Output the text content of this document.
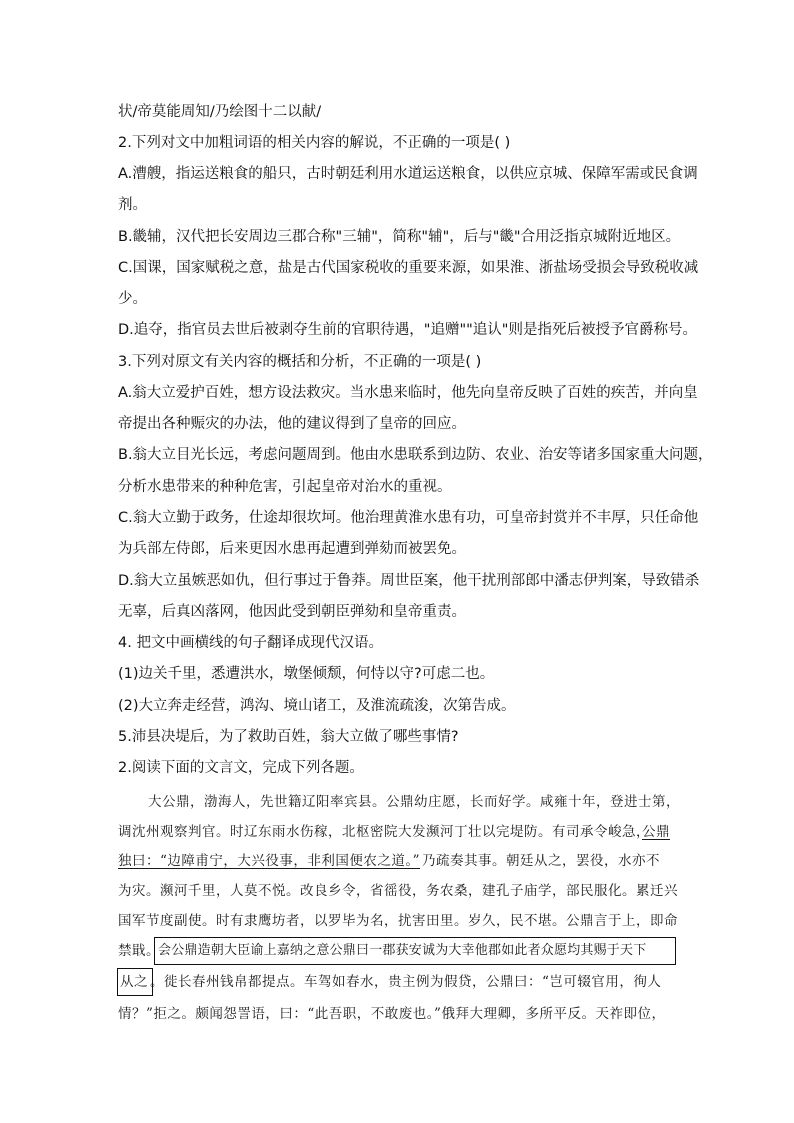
状/帝莫能周知/乃绘图十二以献/
2.下列对文中加粗词语的相关内容的解说，不正确的一项是( )
A.漕艘，指运送粮食的船只，古时朝廷利用水道运送粮食，以供应京城、保障军需或民食调
剂。
B.畿辅，汉代把长安周边三郡合称"三辅"，简称"辅"，后与"畿"合用泛指京城附近地区。
C.国课，国家赋税之意，盐是古代国家税收的重要来源，如果淮、浙盐场受损会导致税收减
少。
D.追夺，指官员去世后被剥夺生前的官职待遇，"追赠""追认"则是指死后被授予官爵称号。
3.下列对原文有关内容的概括和分析，不正确的一项是( )
A.翁大立爱护百姓，想方设法救灾。当水患来临时，他先向皇帝反映了百姓的疾苦，并向皇
帝提出各种赈灾的办法，他的建议得到了皇帝的回应。
B.翁大立目光长远，考虑问题周到。他由水患联系到边防、农业、治安等诸多国家重大问题，
分析水患带来的种种危害，引起皇帝对治水的重视。
C.翁大立勤于政务，仕途却很坎坷。他治理黄淮水患有功，可皇帝封赏并不丰厚，只任命他
为兵部左侍郎，后来更因水患再起遭到弹劾而被罢免。
D.翁大立虽嫉恶如仇，但行事过于鲁莽。周世臣案，他干扰刑部郎中潘志伊判案，导致错杀
无辜，后真凶落网，他因此受到朝臣弹劾和皇帝重责。
4. 把文中画横线的句子翻译成现代汉语。
(1)边关千里，悉遭洪水，墩堡倾颓，何恃以守?可虑二也。
(2)大立奔走经营，鸿沟、境山诸工，及淮流疏浚，次第告成。
5.沛县决堤后，为了救助百姓，翁大立做了哪些事情?
2.阅读下面的文言文，完成下列各题。
大公鼎，渤海人，先世籍辽阳率宾县。公鼎幼庄愿，长而好学。咸雍十年，登进士第，
调沈州观察判官。时辽东雨水伤稼，北枢密院大发濒河丁壮以完堤防。有司承令峻急，
公鼎
独曰：“边障甫宁，大兴役事，非利国便农之道。” 乃疏奏其事。朝廷从之，罢役，水亦不
为灾。濒河千里，人莫不悦。改良乡令，省徭役，务农桑，建孔子庙学，部民服化。累迁兴
国军节度副使。时有隶鹰坊者，以罗毕为名，扰害田里。岁久，民不堪。公鼎言于上，即命
禁戢。
会公鼎造朝大臣谕上嘉纳之意公鼎曰一郡获安诚为大幸他郡如此者众愿均其赐于天下
从之 。徙长春州钱帛都提点。车驾如春水，贵主例为假贷，公鼎曰：“岂可辍官用，徇人
情？”拒之。颇闻怨詈语，曰：“此吾职，不敢废也。”俄拜大理卿，多所平反。天祚即位，
